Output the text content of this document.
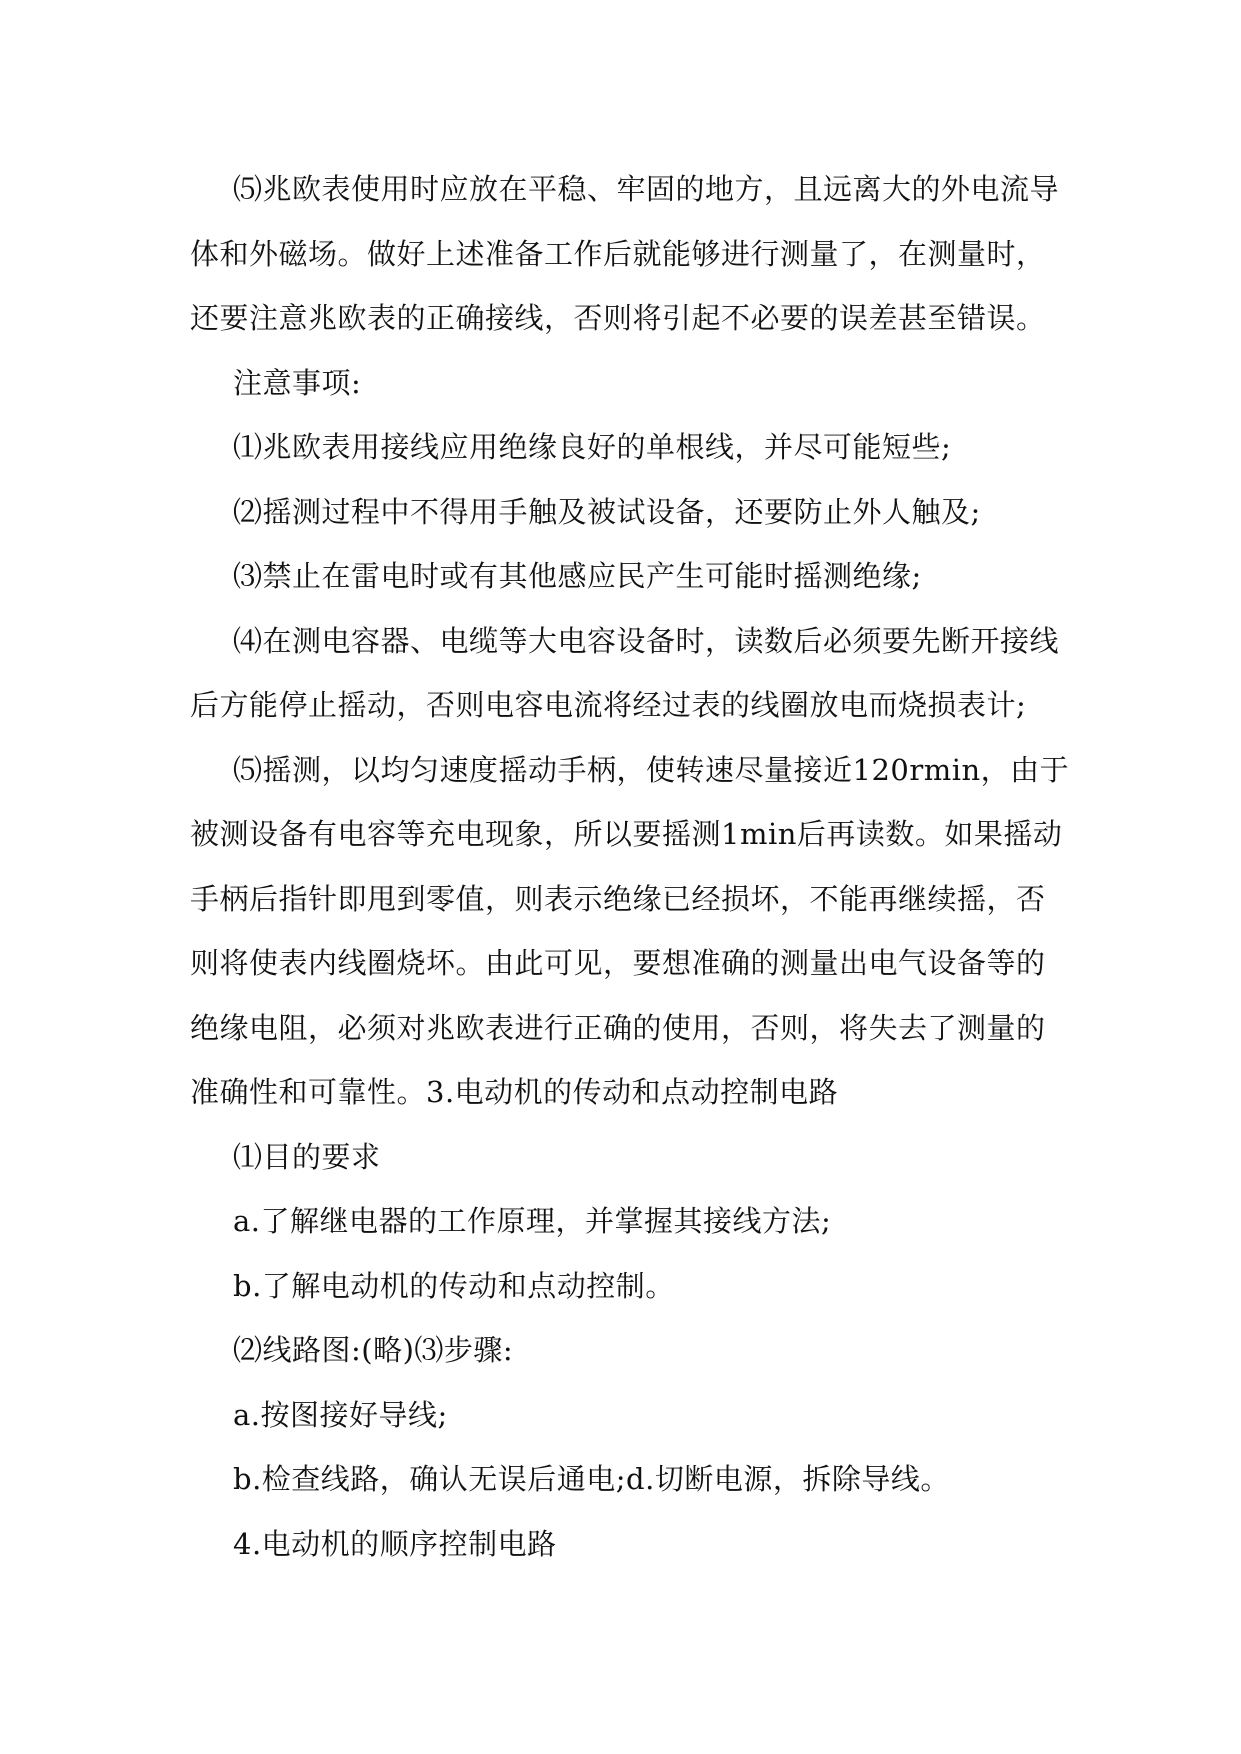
⑸兆欧表使用时应放在平稳、牢固的地方，且远离大的外电流导体和外磁场。做好上述准备工作后就能够进行测量了，在测量时，还要注意兆欧表的正确接线，否则将引起不必要的误差甚至错误。

注意事项:

⑴兆欧表用接线应用绝缘良好的单根线，并尽可能短些;

⑵摇测过程中不得用手触及被试设备，还要防止外人触及;

⑶禁止在雷电时或有其他感应民产生可能时摇测绝缘;

⑷在测电容器、电缆等大电容设备时，读数后必须要先断开接线后方能停止摇动，否则电容电流将经过表的线圈放电而烧损表计;

⑸摇测，以均匀速度摇动手柄，使转速尽量接近120rmin，由于被测设备有电容等充电现象，所以要摇测1min后再读数。如果摇动手柄后指针即甩到零值，则表示绝缘已经损坏，不能再继续摇，否则将使表内线圈烧坏。由此可见，要想准确的测量出电气设备等的绝缘电阻，必须对兆欧表进行正确的使用，否则，将失去了测量的准确性和可靠性。3.电动机的传动和点动控制电路

⑴目的要求

a.了解继电器的工作原理，并掌握其接线方法;

b.了解电动机的传动和点动控制。

⑵线路图:(略)⑶步骤:

a.按图接好导线;

b.检查线路，确认无误后通电;d.切断电源，拆除导线。

4.电动机的顺序控制电路
